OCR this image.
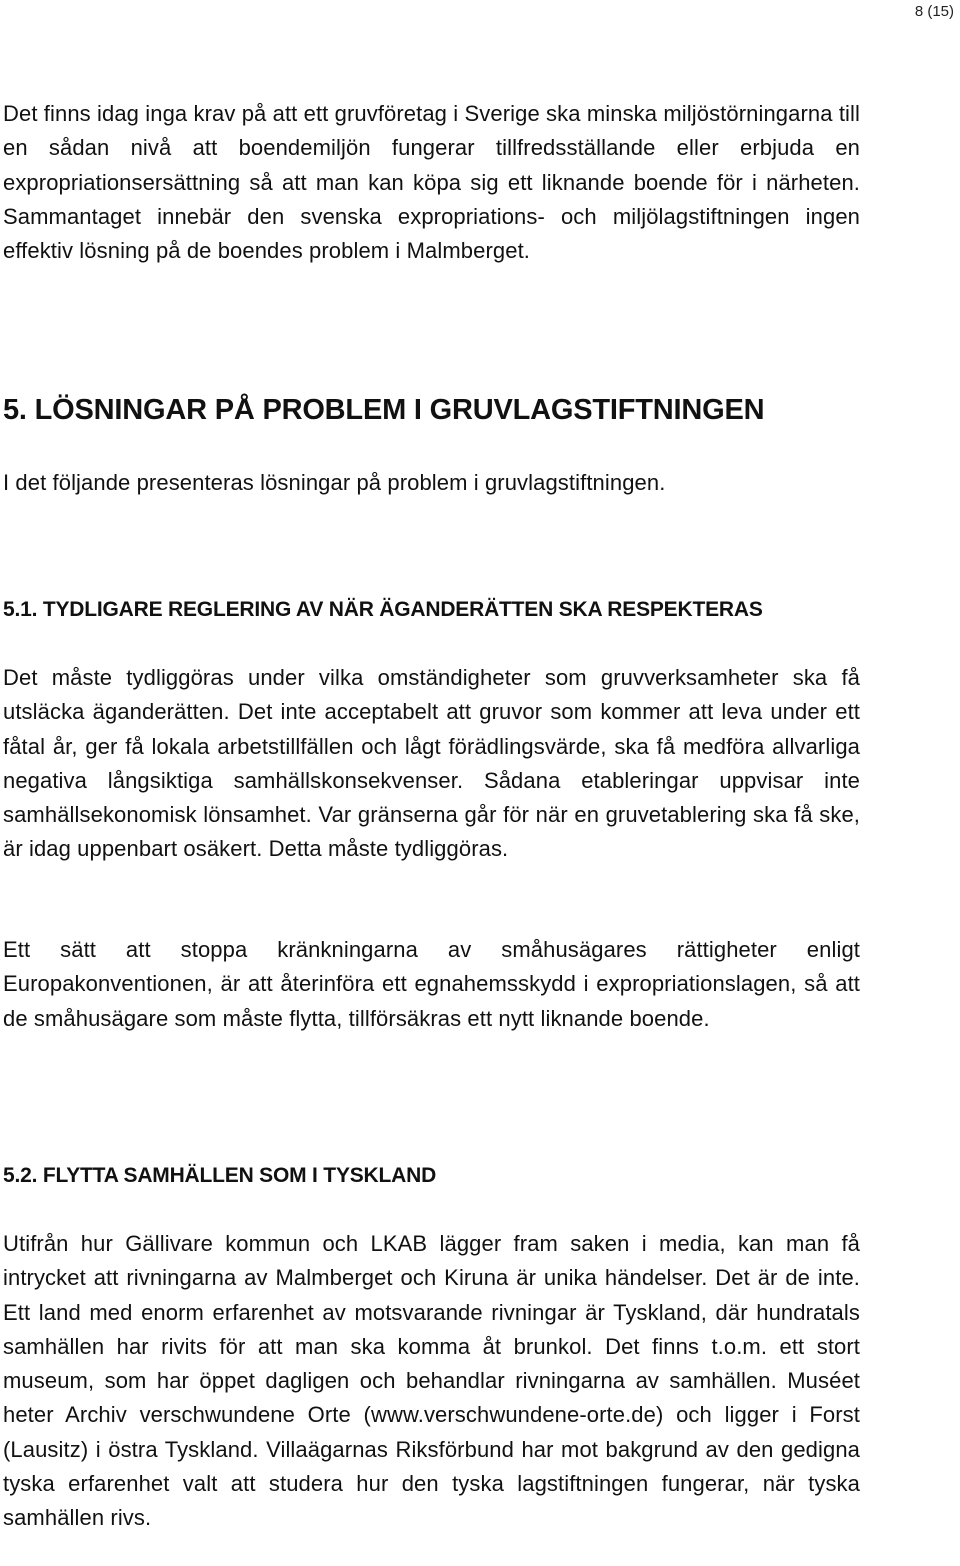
8 (15)

Det finns idag inga krav på att ett gruvföretag i Sverige ska minska miljöstörningarna till en sådan nivå att boendemiljön fungerar tillfredsställande eller erbjuda en expropriationsersättning så att man kan köpa sig ett liknande boende för i närheten. Sammantaget innebär den svenska expropriations- och miljölagstiftningen ingen effektiv lösning på de boendes problem i Malmberget.

5. LÖSNINGAR PÅ PROBLEM I GRUVLAGSTIFTNINGEN

I det följande presenteras lösningar på problem i gruvlagstiftningen.

5.1. TYDLIGARE REGLERING AV NÄR ÄGANDERÄTTEN SKA RESPEKTERAS

Det måste tydliggöras under vilka omständigheter som gruvverksamheter ska få utsläcka äganderätten. Det inte acceptabelt att gruvor som kommer att leva under ett fåtal år, ger få lokala arbetstillfällen och lågt förädlingsvärde, ska få medföra allvarliga negativa långsiktiga samhällskonsekvenser. Sådana etableringar uppvisar inte samhällsekonomisk lönsamhet. Var gränserna går för när en gruvetablering ska få ske, är idag uppenbart osäkert. Detta måste tydliggöras.

Ett sätt att stoppa kränkningarna av småhusägares rättigheter enligt Europakonventionen, är att återinföra ett egnahemsskydd i expropriationslagen, så att de småhusägare som måste flytta, tillförsäkras ett nytt liknande boende.

5.2. FLYTTA SAMHÄLLEN SOM I TYSKLAND

Utifrån hur Gällivare kommun och LKAB lägger fram saken i media, kan man få intrycket att rivningarna av Malmberget och Kiruna är unika händelser. Det är de inte. Ett land med enorm erfarenhet av motsvarande rivningar är Tyskland, där hundratals samhällen har rivits för att man ska komma åt brunkol. Det finns t.o.m. ett stort museum, som har öppet dagligen och behandlar rivningarna av samhällen. Muséet heter Archiv verschwundene Orte (www.verschwundene-orte.de) och ligger i Forst (Lausitz) i östra Tyskland. Villaägarnas Riksförbund har mot bakgrund av den gedigna tyska erfarenhet valt att studera hur den tyska lagstiftningen fungerar, när tyska samhällen rivs.
